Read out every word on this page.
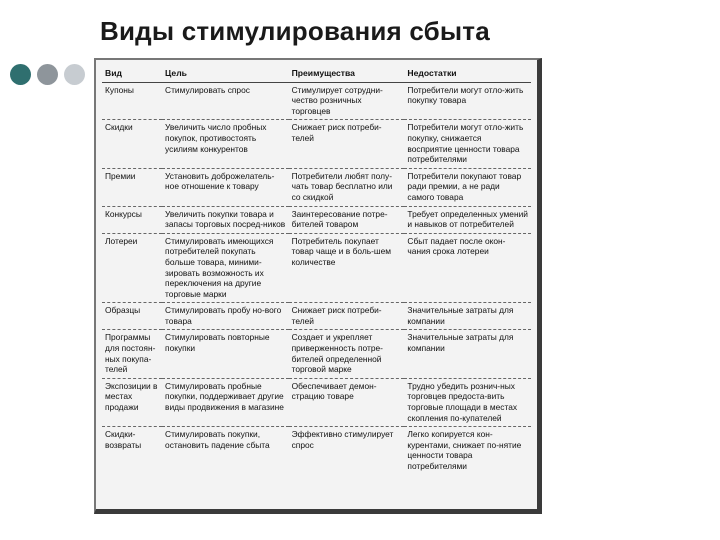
Виды стимулирования сбыта
Вид	Цель	Преимущества	Недостатки
Купоны	Стимулировать спрос	Стимулирует сотрудни-чество розничных торговцев	Потребители могут отло-жить покупку товара
Скидки	Увеличить число пробных покупок, противостоять усилиям конкурентов	Снижает риск потреби-телей	Потребители могут отло-жить покупку, снижается восприятие ценности товара потребителями
Премии	Установить доброжелатель-ное отношение к товару	Потребители любят полу-чать товар бесплатно или со скидкой	Потребители покупают товар ради премии, а не ради самого товара
Конкурсы	Увеличить покупки товара и запасы торговых посред-ников	Заинтересование потре-бителей товаром	Требует определенных умений и навыков от потребителей
Лотереи	Стимулировать имеющихся потребителей покупать больше товара, миними-зировать возможность их переключения на другие торговые марки	Потребитель покупает товар чаще и в боль-шем количестве	Сбыт падает после окон-чания срока лотереи
Образцы	Стимулировать пробу но-вого товара	Снижает риск потреби-телей	Значительные затраты для компании
Программы для постоян-ных покупа-телей	Стимулировать повторные покупки	Создает и укрепляет приверженность потре-бителей определенной торговой марке	Значительные затраты для компании
Экспозиции в местах продажи	Стимулировать пробные покупки, поддерживает другие виды продвижения в магазине	Обеспечивает демон-страцию товаре	Трудно убедить рознич-ных торговцев предоста-вить торговые площади в местах скопления по-купателей
Скидки-возвраты	Стимулировать покупки, остановить падение сбыта	Эффективно стимулирует спрос	Легко копируется кон-курентами, снижает по-нятие ценности товара потребителями
